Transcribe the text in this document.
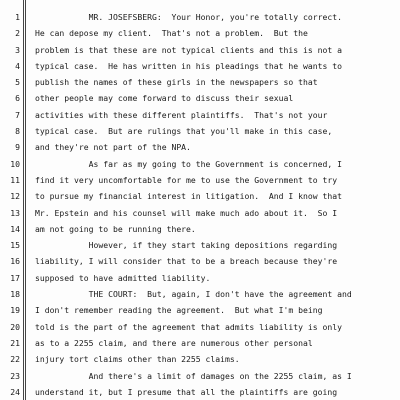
1 MR. JOSEFSBERG:  Your Honor, you're totally correct.
2 He can depose my client.  That's not a problem.  But the
3 problem is that these are not typical clients and this is not a
4 typical case.  He has written in his pleadings that he wants to
5 publish the names of these girls in the newspapers so that
6 other people may come forward to discuss their sexual
7 activities with these different plaintiffs.  That's not your
8 typical case.  But are rulings that you'll make in this case,
9 and they're not part of the NPA.
10 As far as my going to the Government is concerned, I
11 find it very uncomfortable for me to use the Government to try
12 to pursue my financial interest in litigation.  And I know that
13 Mr. Epstein and his counsel will make much ado about it.  So I
14 am not going to be running there.
15 However, if they start taking depositions regarding
16 liability, I will consider that to be a breach because they're
17 supposed to have admitted liability.
18 THE COURT:  But, again, I don't have the agreement and
19 I don't remember reading the agreement.  But what I'm being
20 told is the part of the agreement that admits liability is only
21 as to a 2255 claim, and there are numerous other personal
22 injury tort claims other than 2255 claims.
23 And there's a limit of damages on the 2255 claim, as I
24 understand it, but I presume that all the plaintiffs are going
